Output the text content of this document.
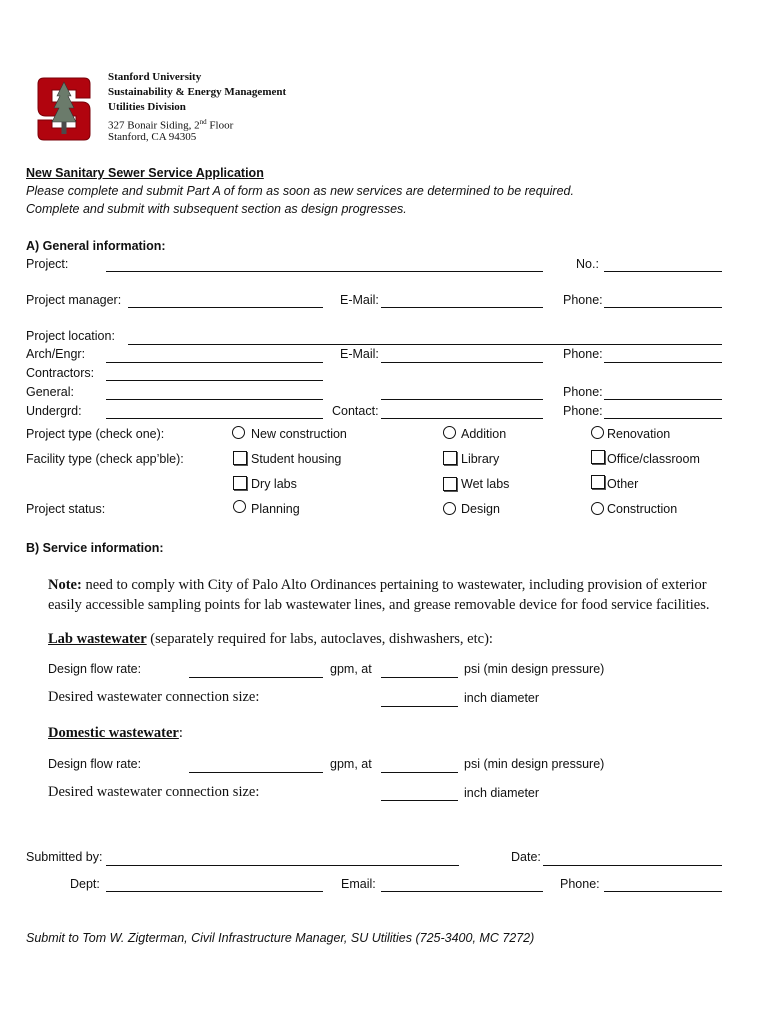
Stanford University
Sustainability & Energy Management
Utilities Division
327 Bonair Siding, 2nd Floor
Stanford, CA 94305
New Sanitary Sewer Service Application
Please complete and submit Part A of form as soon as new services are determined to be required.
Complete and submit with subsequent section as design progresses.
A) General information:
Project:	No.:
Project manager:	E-Mail:	Phone:
Project location:
Arch/Engr:	E-Mail:	Phone:
Contractors:
General:	Phone:
Undergrd:	Contact:	Phone:
Project type (check one):	New construction	Addition	Renovation
Facility type (check app’ble):	Student housing	Library	Office/classroom
Dry labs	Wet labs	Other
Project status:	Planning	Design	Construction
B) Service information:
Note: need to comply with City of Palo Alto Ordinances pertaining to wastewater, including provision of exterior
easily accessible sampling points for lab wastewater lines, and grease removable device for food service facilities.
Lab wastewater (separately required for labs, autoclaves, dishwashers, etc):
Design flow rate:	gpm, at	psi (min design pressure)
Desired wastewater connection size:	inch diameter
Domestic wastewater:
Design flow rate:	gpm, at	psi (min design pressure)
Desired wastewater connection size:	inch diameter
Submitted by:	Date:
Dept:	Email:	Phone:
Submit to Tom W. Zigterman, Civil Infrastructure Manager, SU Utilities (725-3400, MC 7272)
